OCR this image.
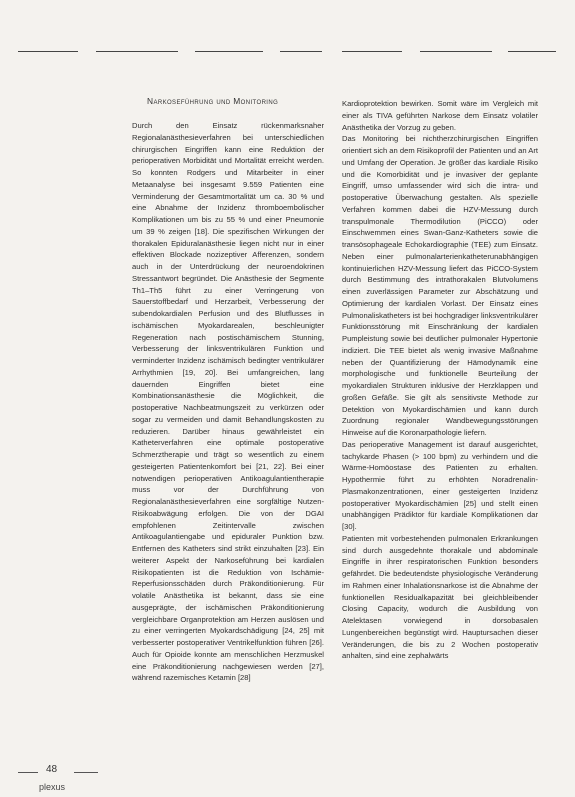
Narkoseführung und Monitoring

Durch den Einsatz rückenmarksnaher Regionalanästhesieverfahren bei unterschiedlichen chirurgischen Eingriffen kann eine Reduktion der perioperativen Morbidität und Mortalität erreicht werden. So konnten Rodgers und Mitarbeiter in einer Metaanalyse bei insgesamt 9.559 Patienten eine Verminderung der Gesamtmortalität um ca. 30 % und eine Abnahme der Inzidenz thromboembolischer Komplikationen um bis zu 55 % und einer Pneumonie um 39 % zeigen [18]. Die spezifischen Wirkungen der thorakalen Epiduralanästhesie liegen nicht nur in einer effektiven Blockade nozizeptiver Afferenzen, sondern auch in der Unterdrückung der neuroendokrinen Stressantwort begründet. Die Anästhesie der Segmente Th1–Th5 führt zu einer Verringerung von Sauerstoffbedarf und Herzarbeit, Verbesserung der subendokardialen Perfusion und des Blutflusses in ischämischen Myokardarealen, beschleunigter Regeneration nach postischämischem Stunning, Verbesserung der linksventrikulären Funktion und verminderter Inzidenz ischämisch bedingter ventrikulärer Arrhythmien [19, 20]. Bei umfangreichen, lang dauernden Eingriffen bietet eine Kombinationsanästhesie die Möglichkeit, die postoperative Nachbeatmungszeit zu verkürzen oder sogar zu vermeiden und damit Behandlungskosten zu reduzieren. Darüber hinaus gewährleistet ein Katheterverfahren eine optimale postoperative Schmerztherapie und trägt so wesentlich zu einem gesteigerten Patientenkomfort bei [21, 22]. Bei einer notwendigen perioperativen Antikoagulantientherapie muss vor der Durchführung von Regionalanästhesieverfahren eine sorgfältige Nutzen-Risikoabwägung erfolgen. Die von der DGAI empfohlenen Zeitintervalle zwischen Antikoagulantiengabe und epiduraler Punktion bzw. Entfernen des Katheters sind strikt einzuhalten [23]. Ein weiterer Aspekt der Narkoseführung bei kardialen Risikopatienten ist die Reduktion von Ischämie-Reperfusionsschäden durch Präkonditionierung. Für volatile Anästhetika ist bekannt, dass sie eine ausgeprägte, der ischämischen Präkonditionierung vergleichbare Organprotektion am Herzen auslösen und zu einer verringerten Myokardschädigung [24, 25] mit verbesserter postoperativer Ventrikelfunktion führen [26]. Auch für Opioide konnte am menschlichen Herzmuskel eine Präkonditionierung nachgewiesen werden [27], während razemisches Ketamin [28]

Kardioprotektion bewirken. Somit wäre im Vergleich mit einer als TIVA geführten Narkose dem Einsatz volatiler Anästhetika der Vorzug zu geben.

Das Monitoring bei nichtherzchirurgischen Eingriffen orientiert sich an dem Risikoprofil der Patienten und an Art und Umfang der Operation. Je größer das kardiale Risiko und die Komorbidität und je invasiver der geplante Eingriff, umso umfassender wird sich die intra- und postoperative Überwachung gestalten. Als spezielle Verfahren kommen dabei die HZV-Messung durch transpulmonale Thermodilution (PiCCO) oder Einschwemmen eines Swan-Ganz-Katheters sowie die transösophageale Echokardiographie (TEE) zum Einsatz. Neben einer pulmonalarterienkatheterunabhängigen kontinuierlichen HZV-Messung liefert das PiCCO-System durch Bestimmung des intrathorakalen Blutvolumens einen zuverlässigen Parameter zur Abschätzung und Optimierung der kardialen Vorlast. Der Einsatz eines Pulmonaliskatheters ist bei hochgradiger linksventrikulärer Funktionsstörung mit Einschränkung der kardialen Pumpleistung sowie bei deutlicher pulmonaler Hypertonie indiziert. Die TEE bietet als wenig invasive Maßnahme neben der Quantifizierung der Hämodynamik eine morphologische und funktionelle Beurteilung der myokardialen Strukturen inklusive der Herzklappen und großen Gefäße. Sie gilt als sensitivste Methode zur Detektion von Myokardischämien und kann durch Zuordnung regionaler Wandbewegungsstörungen Hinweise auf die Koronarpathologie liefern.

Das perioperative Management ist darauf ausgerichtet, tachykarde Phasen (> 100 bpm) zu verhindern und die Wärme-Homöostase des Patienten zu erhalten. Hypothermie führt zu erhöhten Noradrenalin-Plasmakonzentrationen, einer gesteigerten Inzidenz postoperativer Myokardischämien [25] und stellt einen unabhängigen Prädiktor für kardiale Komplikationen dar [30].

Patienten mit vorbestehenden pulmonalen Erkrankungen sind durch ausgedehnte thorakale und abdominale Eingriffe in ihrer respiratorischen Funktion besonders gefährdet. Die bedeutendste physiologische Veränderung im Rahmen einer Inhalationsnarkose ist die Abnahme der funktionellen Residualkapazität bei gleichbleibender Closing Capacity, wodurch die Ausbildung von Atelektasen vorwiegend in dorsobasalen Lungenbereichen begünstigt wird. Hauptursachen dieser Veränderungen, die bis zu 2 Wochen postoperativ anhalten, sind eine zephalwärts

48
plexus
